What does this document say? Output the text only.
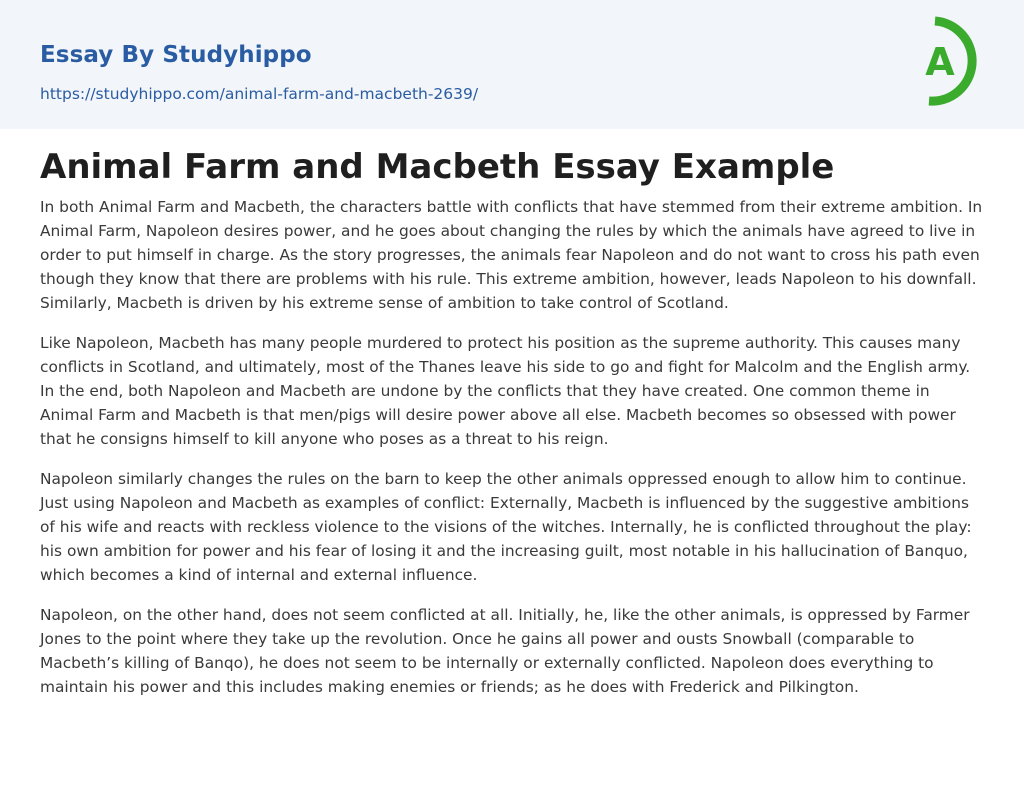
Essay By Studyhippo
https://studyhippo.com/animal-farm-and-macbeth-2639/
A
Animal Farm and Macbeth Essay Example

In both Animal Farm and Macbeth, the characters battle with conflicts that have stemmed from their extreme ambition. In Animal Farm, Napoleon desires power, and he goes about changing the rules by which the animals have agreed to live in order to put himself in charge. As the story progresses, the animals fear Napoleon and do not want to cross his path even though they know that there are problems with his rule. This extreme ambition, however, leads Napoleon to his downfall. Similarly, Macbeth is driven by his extreme sense of ambition to take control of Scotland.

Like Napoleon, Macbeth has many people murdered to protect his position as the supreme authority. This causes many conflicts in Scotland, and ultimately, most of the Thanes leave his side to go and fight for Malcolm and the English army. In the end, both Napoleon and Macbeth are undone by the conflicts that they have created. One common theme in Animal Farm and Macbeth is that men/pigs will desire power above all else. Macbeth becomes so obsessed with power that he consigns himself to kill anyone who poses as a threat to his reign.

Napoleon similarly changes the rules on the barn to keep the other animals oppressed enough to allow him to continue. Just using Napoleon and Macbeth as examples of conflict: Externally, Macbeth is influenced by the suggestive ambitions of his wife and reacts with reckless violence to the visions of the witches. Internally, he is conflicted throughout the play: his own ambition for power and his fear of losing it and the increasing guilt, most notable in his hallucination of Banquo, which becomes a kind of internal and external influence.

Napoleon, on the other hand, does not seem conflicted at all. Initially, he, like the other animals, is oppressed by Farmer Jones to the point where they take up the revolution. Once he gains all power and ousts Snowball (comparable to Macbeth’s killing of Banqo), he does not seem to be internally or externally conflicted. Napoleon does everything to maintain his power and this includes making enemies or friends; as he does with Frederick and Pilkington.
